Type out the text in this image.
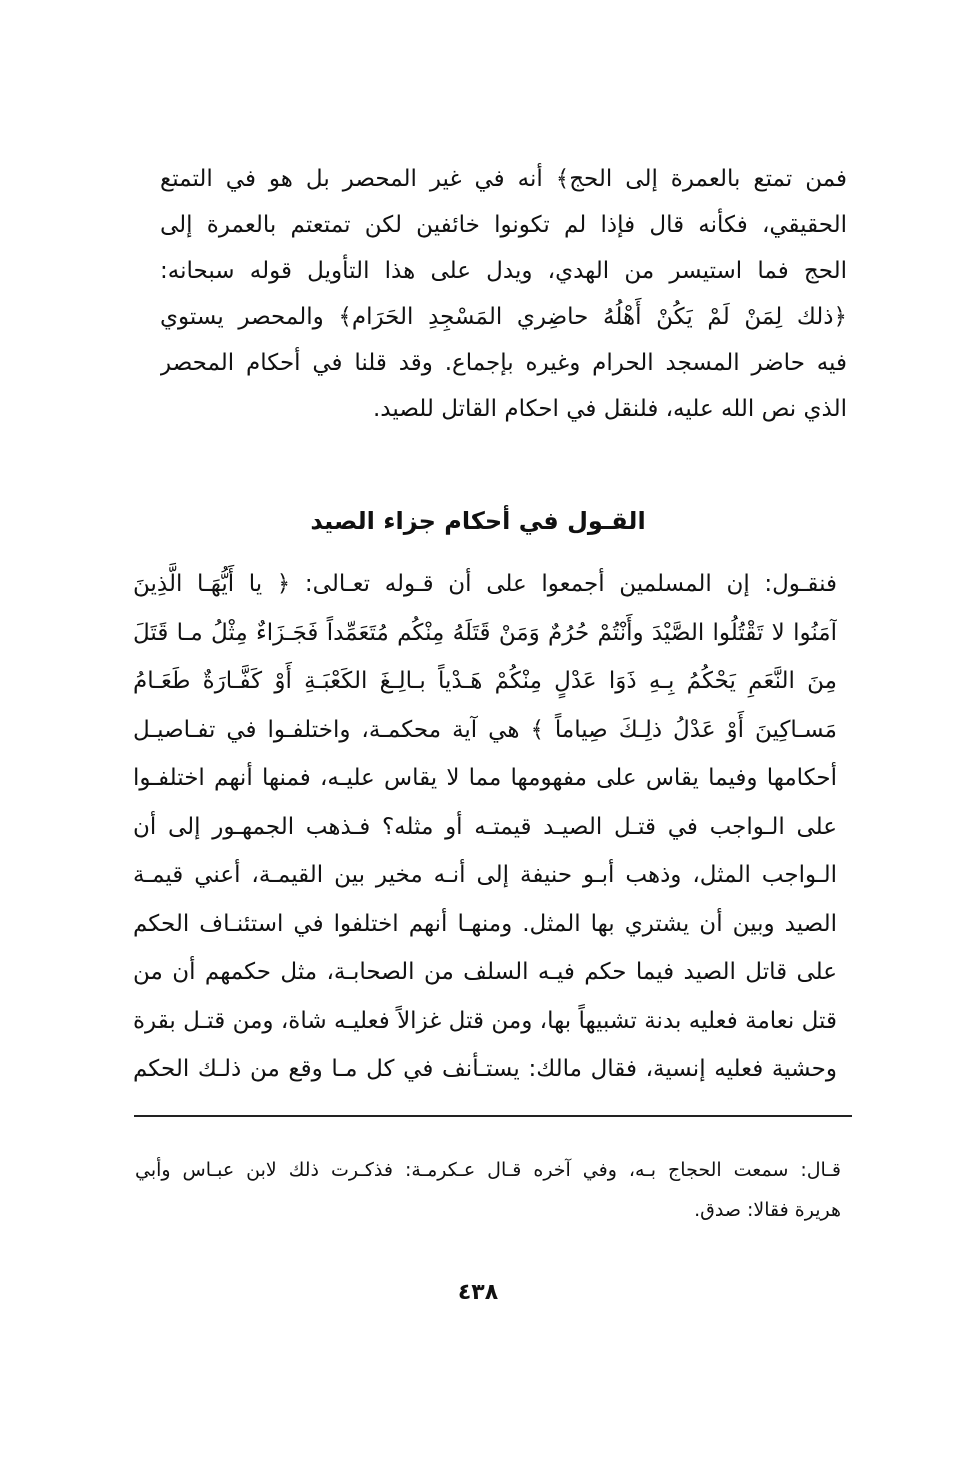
فمن تمتع بالعمرة إلى الحج﴾ أنه في غير المحصر بل هو في التمتع
الحقيقي، فكأنه قال فإذا لم تكونوا خائفين لكن تمتعتم بالعمرة إلى
الحج فما استيسر من الهدي، ويدل على هذا التأويل قوله سبحانه:
﴿ذلك لِمَنْ لَمْ يَكُنْ أَهْلُهُ حاضِري المَسْجِدِ الحَرَام﴾ والمحصر يستوي
فيه حاضر المسجد الحرام وغيره بإجماع. وقد قلنا في أحكام المحصر
الذي نص الله عليه، فلنقل في احكام القاتل للصيد.
القـول في أحكام جزاء الصيد
فنقـول: إن المسلمين أجمعوا على أن قـوله تعـالى: ﴿ يا أَيُّهَـا الَّذِينَ
آمَنُوا لا تَقْتُلُوا الصَّيْدَ وأَنْتُمْ حُرُمٌ وَمَنْ قَتَلَهُ مِنْكُم مُتَعَمِّداً فَجَـزَاءٌ مِثْلُ مـا قَتَلَ
مِنَ النَّعَمِ يَحْكُمُ بِـهِ ذَوَا عَدْلٍ مِنْكُمْ هَـدْياً بـالِـغَ الكَعْبَـةِ أَوْ كَفَّـارَةٌ طَعَـامُ
مَسـاكِينَ أَوْ عَدْلُ ذلِـكَ صِياماً ﴾ هي آية محكمـة، واختلفـوا في تفـاصيـل
أحكامها وفيما يقاس على مفهومها مما لا يقاس عليـه، فمنها أنهم اختلفـوا
على الـواجب في قتـل الصيـد قيمتـه أو مثله؟ فـذهب الجمهـور إلى أن
الـواجب المثل، وذهب أبـو حنيفة إلى أنـه مخير بين القيمـة، أعني قيمـة
الصيد وبين أن يشتري بها المثل. ومنهـا أنهم اختلفوا في استئنـاف الحكم
على قاتل الصيد فيما حكم فيـه السلف من الصحابـة، مثل حكمهم أن من
قتل نعامة فعليه بدنة تشبيهاً بها، ومن قتل غزالاً فعليـه شاة، ومن قتـل بقرة
وحشية فعليه إنسية، فقال مالك: يستـأنف في كل مـا وقع من ذلـك الحكم
قـال: سمعت الحجاج بـه، وفي آخره قـال عـكرمـة: فذكـرت ذلك لابن عبـاس وأبي
هريرة فقالا: صدق.
٤٣٨
